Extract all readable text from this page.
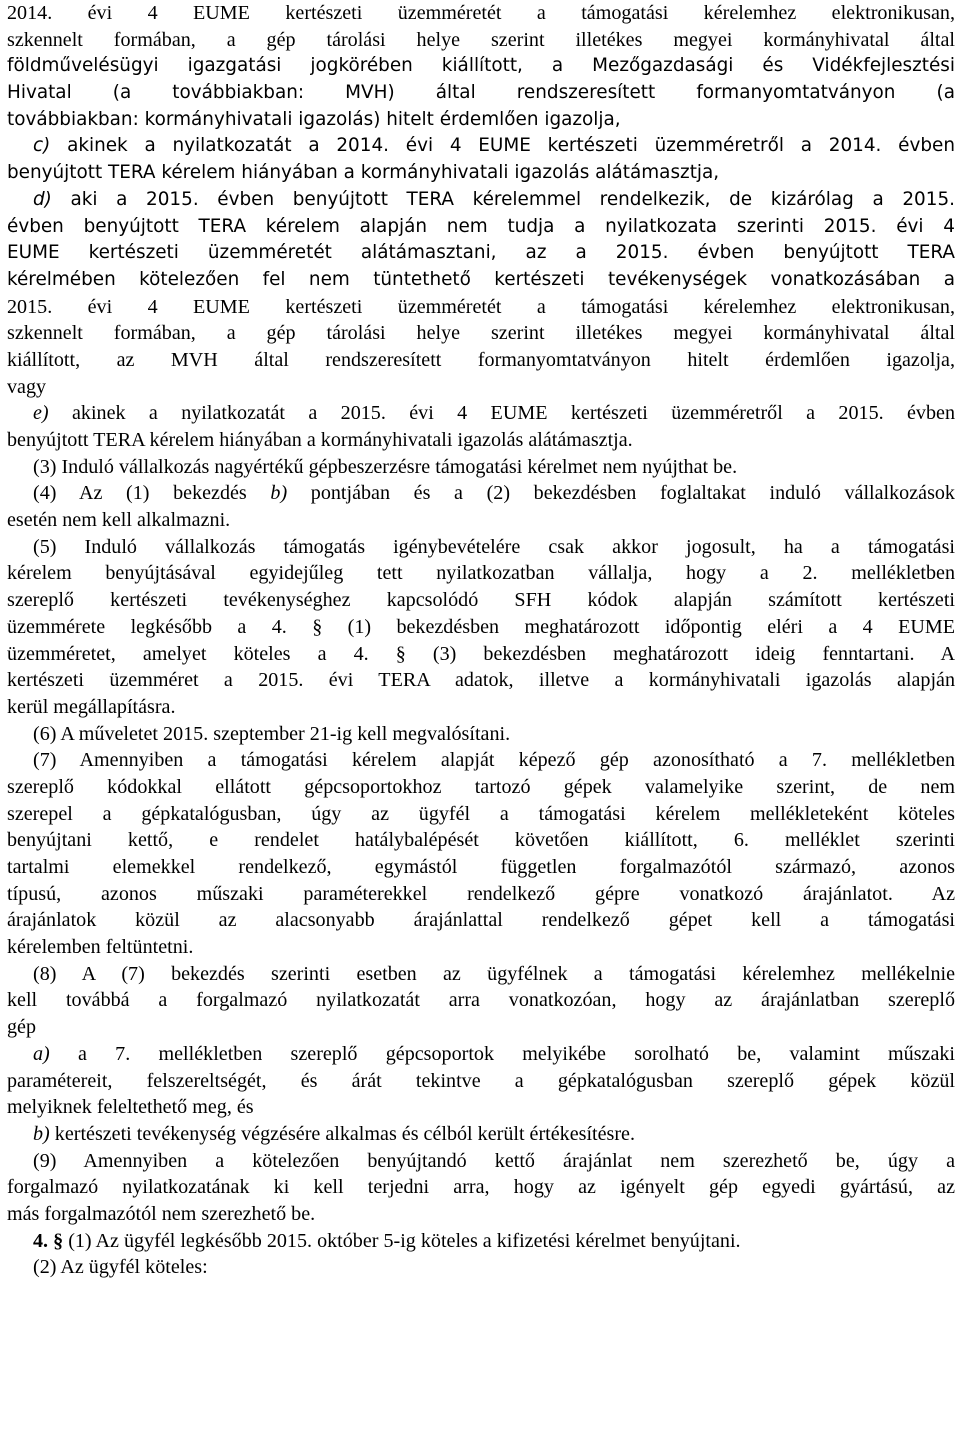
2014. évi 4 EUME kertészeti üzemméretét a támogatási kérelemhez elektronikusan,
szkennelt formában, a gép tárolási helye szerint illetékes megyei kormányhivatal által
földművelésügyi igazgatási jogkörében kiállított, a Mezőgazdasági és Vidékfejlesztési
Hivatal (a továbbiakban: MVH) által rendszeresített formanyomtatványon (a
továbbiakban: kormányhivatali igazolás) hitelt érdemlően igazolja,
c) akinek a nyilatkozatát a 2014. évi 4 EUME kertészeti üzemméretről a 2014. évben
benyújtott TERA kérelem hiányában a kormányhivatali igazolás alátámasztja,
d) aki a 2015. évben benyújtott TERA kérelemmel rendelkezik, de kizárólag a 2015.
évben benyújtott TERA kérelem alapján nem tudja a nyilatkozata szerinti 2015. évi 4
EUME kertészeti üzemméretét alátámasztani, az a 2015. évben benyújtott TERA
kérelmében kötelezően fel nem tüntethető kertészeti tevékenységek vonatkozásában a
2015. évi 4 EUME kertészeti üzemméretét a támogatási kérelemhez elektronikusan,
szkennelt formában, a gép tárolási helye szerint illetékes megyei kormányhivatal által
kiállított, az MVH által rendszeresített formanyomtatványon hitelt érdemlően igazolja,
vagy
e) akinek a nyilatkozatát a 2015. évi 4 EUME kertészeti üzemméretről a 2015. évben
benyújtott TERA kérelem hiányában a kormányhivatali igazolás alátámasztja.
(3) Induló vállalkozás nagyértékű gépbeszerzésre támogatási kérelmet nem nyújthat be.
(4) Az (1) bekezdés b) pontjában és a (2) bekezdésben foglaltakat induló vállalkozások
esetén nem kell alkalmazni.
(5) Induló vállalkozás támogatás igénybevételére csak akkor jogosult, ha a támogatási
kérelem benyújtásával egyidejűleg tett nyilatkozatban vállalja, hogy a 2. mellékletben
szereplő kertészeti tevékenységhez kapcsolódó SFH kódok alapján számított kertészeti
üzemmérete legkésőbb a 4. § (1) bekezdésben meghatározott időpontig eléri a 4 EUME
üzemméretet, amelyet köteles a 4. § (3) bekezdésben meghatározott ideig fenntartani. A
kertészeti üzemméret a 2015. évi TERA adatok, illetve a kormányhivatali igazolás alapján
kerül megállapításra.
(6) A műveletet 2015. szeptember 21-ig kell megvalósítani.
(7) Amennyiben a támogatási kérelem alapját képező gép azonosítható a 7. mellékletben
szereplő kódokkal ellátott gépcsoportokhoz tartozó gépek valamelyike szerint, de nem
szerepel a gépkatalógusban, úgy az ügyfél a támogatási kérelem mellékleteként köteles
benyújtani kettő, e rendelet hatálybalépését követően kiállított, 6. melléklet szerinti
tartalmi elemekkel rendelkező, egymástól független forgalmazótól származó, azonos
típusú, azonos műszaki paraméterekkel rendelkező gépre vonatkozó árajánlatot. Az
árajánlatok közül az alacsonyabb árajánlattal rendelkező gépet kell a támogatási
kérelemben feltüntetni.
(8) A (7) bekezdés szerinti esetben az ügyfélnek a támogatási kérelemhez mellékelnie
kell továbbá a forgalmazó nyilatkozatát arra vonatkozóan, hogy az árajánlatban szereplő
gép
a) a 7. mellékletben szereplő gépcsoportok melyikébe sorolható be, valamint műszaki
paramétereit, felszereltségét, és árát tekintve a gépkatalógusban szereplő gépek közül
melyiknek feleltethető meg, és
b) kertészeti tevékenység végzésére alkalmas és célból került értékesítésre.
(9) Amennyiben a kötelezően benyújtandó kettő árajánlat nem szerezhető be, úgy a
forgalmazó nyilatkozatának ki kell terjedni arra, hogy az igényelt gép egyedi gyártású, az
más forgalmazótól nem szerezhető be.
4. § (1) Az ügyfél legkésőbb 2015. október 5-ig köteles a kifizetési kérelmet benyújtani.
(2) Az ügyfél köteles:
